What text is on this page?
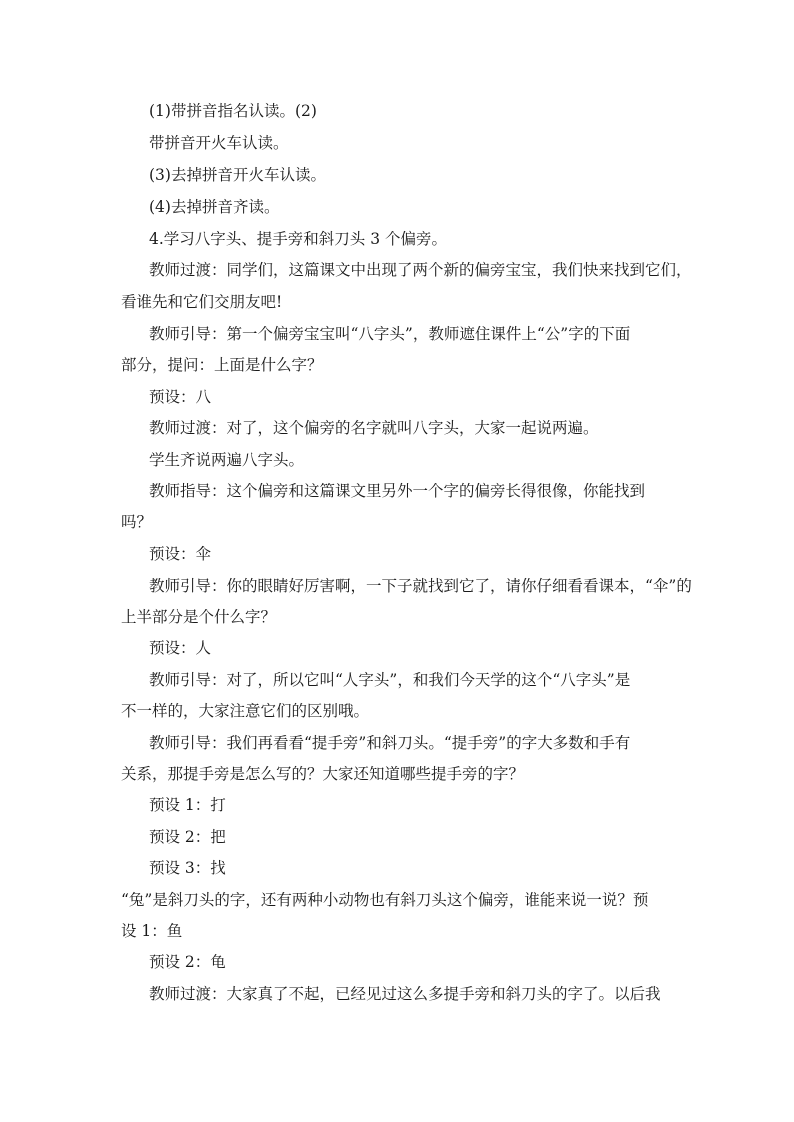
(1)带拼音指名认读。(2)

带拼音开火车认读。

(3)去掉拼音开火车认读。

(4)去掉拼音齐读。

4.学习八字头、提手旁和斜刀头 3 个偏旁。

教师过渡：同学们，这篇课文中出现了两个新的偏旁宝宝，我们快来找到它们，

看谁先和它们交朋友吧!

教师引导：第一个偏旁宝宝叫“八字头”，教师遮住课件上“公”字的下面

部分，提问：上面是什么字？

预设：八

教师过渡：对了，这个偏旁的名字就叫八字头，大家一起说两遍。

学生齐说两遍八字头。

教师指导：这个偏旁和这篇课文里另外一个字的偏旁长得很像，你能找到

吗？

预设：伞

教师引导：你的眼睛好厉害啊，一下子就找到它了，请你仔细看看课本，“伞”的

上半部分是个什么字？

预设：人

教师引导：对了，所以它叫“人字头”，和我们今天学的这个“八字头”是

不一样的，大家注意它们的区别哦。

教师引导：我们再看看“提手旁”和斜刀头。“提手旁”的字大多数和手有

关系，那提手旁是怎么写的？大家还知道哪些提手旁的字？

预设 1：打

预设 2：把

预设 3：找

“兔”是斜刀头的字，还有两种小动物也有斜刀头这个偏旁，谁能来说一说？预

设 1：鱼

预设 2：龟

教师过渡：大家真了不起，已经见过这么多提手旁和斜刀头的字了。以后我
